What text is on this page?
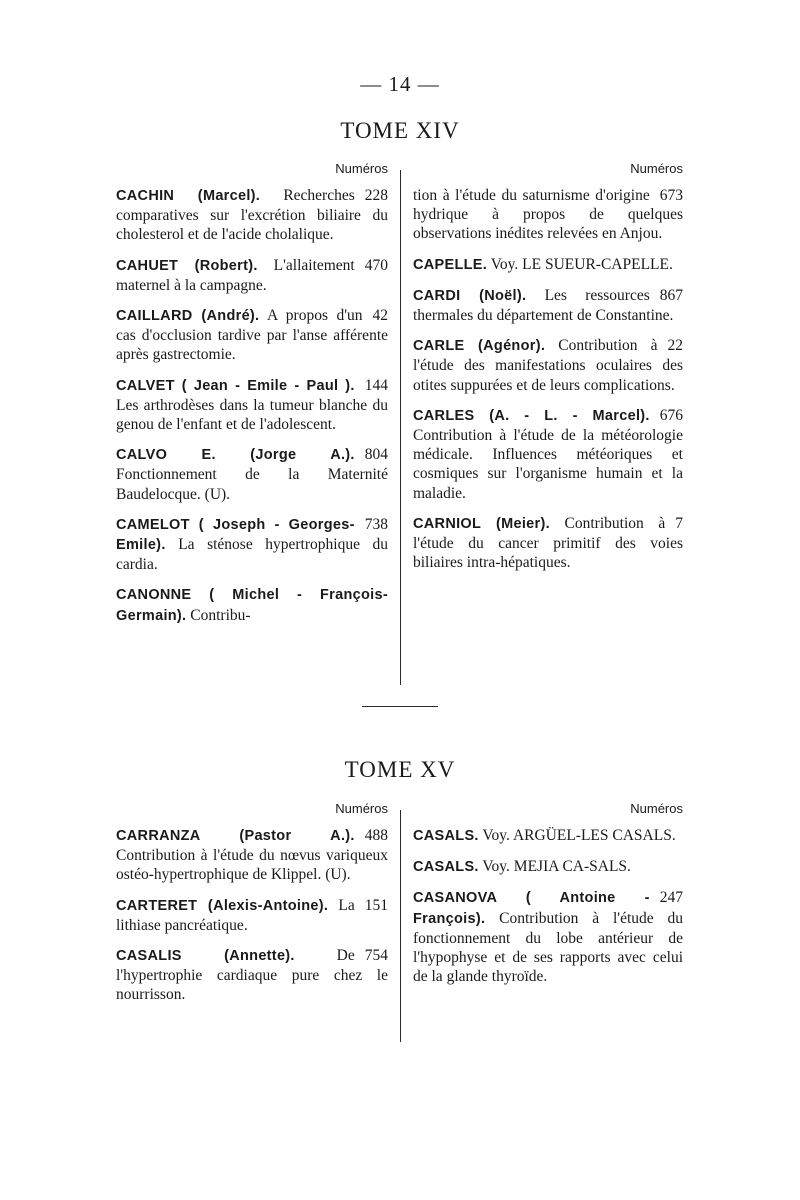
— 14 —
TOME XIV
Numéros

228
CACHIN (Marcel). Recherches comparatives sur l'excrétion biliaire du cholesterol et de l'acide cholalique.

470
CAHUET (Robert). L'allaitement maternel à la campagne.

42
CAILLARD (André). A propos d'un cas d'occlusion tardive par l'anse afférente après gastrectomie.

144
CALVET ( Jean - Emile - Paul ). Les arthrodèses dans la tumeur blanche du genou de l'enfant et de l'adolescent.

804
CALVO E. (Jorge A.). Fonctionnement de la Maternité Baudelocque. (U).

738
CAMELOT ( Joseph - Georges-Emile). La sténose hypertrophique du cardia.

CANONNE ( Michel - François-Germain). Contribu-

Numéros

673
tion à l'étude du saturnisme d'origine hydrique à propos de quelques observations inédites relevées en Anjou.

CAPELLE. Voy. LE SUEUR-CAPELLE.

867
CARDI (Noël). Les ressources thermales du département de Constantine.

22
CARLE (Agénor). Contribution à l'étude des manifestations oculaires des otites suppurées et de leurs complications.

676
CARLES (A. - L. - Marcel). Contribution à l'étude de la météorologie médicale. Influences météoriques et cosmiques sur l'organisme humain et la maladie.

7
CARNIOL (Meier). Contribution à l'étude du cancer primitif des voies biliaires intra-hépatiques.

TOME XV
Numéros

488
CARRANZA (Pastor A.). Contribution à l'étude du nœvus variqueux ostéo-hypertrophique de Klippel. (U).

151
CARTERET (Alexis-Antoine). La lithiase pancréatique.

754
CASALIS (Annette).	De l'hypertrophie cardiaque pure chez le nourrisson.

Numéros

CASALS. Voy. ARGÜEL-LES CASALS.

CASALS. Voy. MEJIA CA-SALS.

247
CASANOVA ( Antoine - François). Contribution à l'étude du fonctionnement du lobe antérieur de l'hypophyse et de ses rapports avec celui de la glande thyroïde.
